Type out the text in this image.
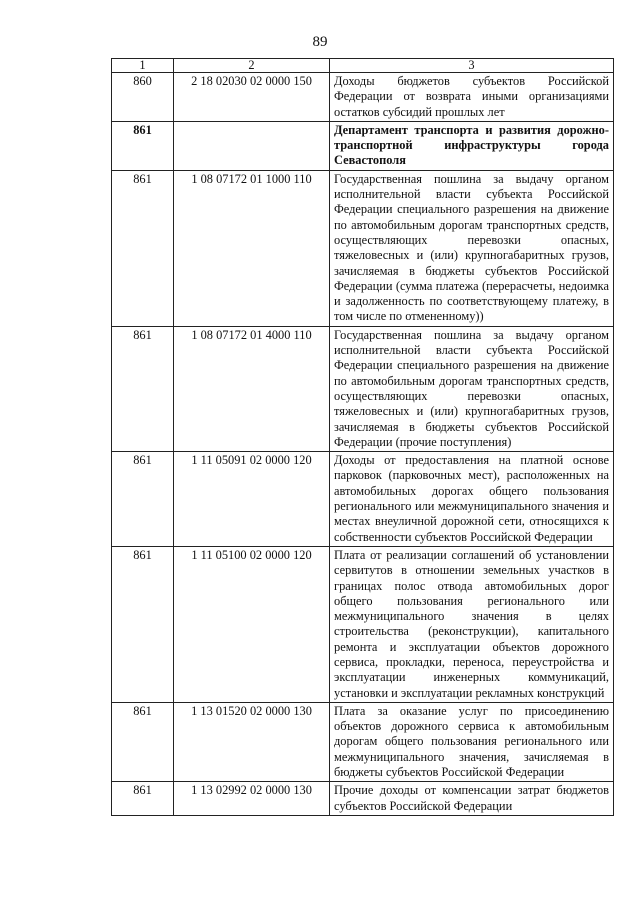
89
1	2	3
860	2 18 02030 02 0000 150	Доходы бюджетов субъектов Российской Федерации от возврата иными организациями остатков субсидий прошлых лет
861		Департамент транспорта и развития дорожно-транспортной инфраструктуры города Севастополя
861	1 08 07172 01 1000 110	Государственная пошлина за выдачу органом исполнительной власти субъекта Российской Федерации специального разрешения на движение по автомобильным дорогам транспортных средств, осуществляющих перевозки опасных, тяжеловесных и (или) крупногабаритных грузов, зачисляемая в бюджеты субъектов Российской Федерации (сумма платежа (перерасчеты, недоимка и задолженность по соответствующему платежу, в том числе по отмененному))
861	1 08 07172 01 4000 110	Государственная пошлина за выдачу органом исполнительной власти субъекта Российской Федерации специального разрешения на движение по автомобильным дорогам транспортных средств, осуществляющих перевозки опасных, тяжеловесных и (или) крупногабаритных грузов, зачисляемая в бюджеты субъектов Российской Федерации (прочие поступления)
861	1 11 05091 02 0000 120	Доходы от предоставления на платной основе парковок (парковочных мест), расположенных на автомобильных дорогах общего пользования регионального или межмуниципального значения и местах внеуличной дорожной сети, относящихся к собственности субъектов Российской Федерации
861	1 11 05100 02 0000 120	Плата от реализации соглашений об установлении сервитутов в отношении земельных участков в границах полос отвода автомобильных дорог общего пользования регионального или межмуниципального значения в целях строительства (реконструкции), капитального ремонта и эксплуатации объектов дорожного сервиса, прокладки, переноса, переустройства и эксплуатации инженерных коммуникаций, установки и эксплуатации рекламных конструкций
861	1 13 01520 02 0000 130	Плата за оказание услуг по присоединению объектов дорожного сервиса к автомобильным дорогам общего пользования регионального или межмуниципального значения, зачисляемая в бюджеты субъектов Российской Федерации
861	1 13 02992 02 0000 130	Прочие доходы от компенсации затрат бюджетов субъектов Российской Федерации
